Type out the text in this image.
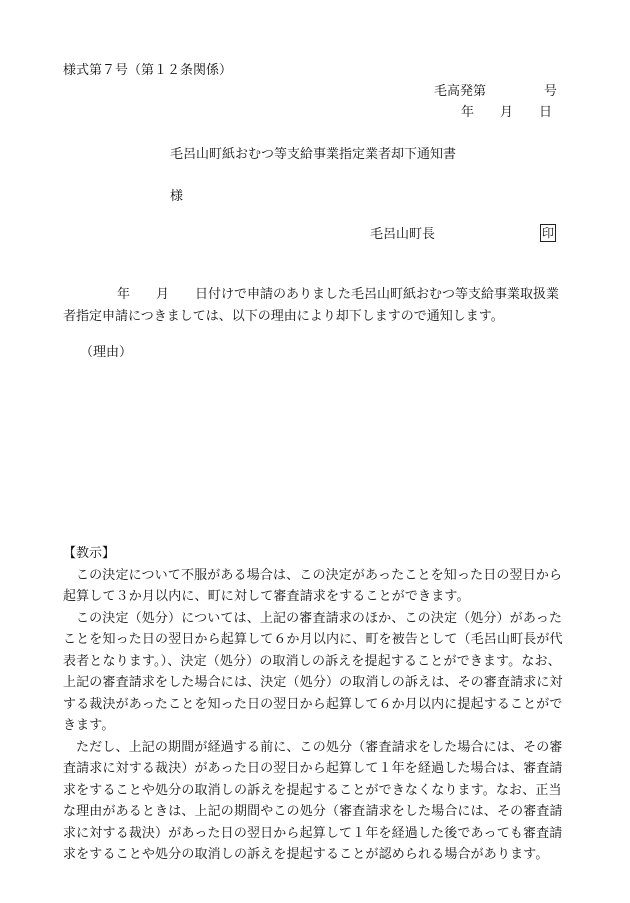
様式第７号（第１２条関係）
毛高発第	号
年 月 日
毛呂山町紙おむつ等支給事業指定業者却下通知書
様
毛呂山町長	印
年 月 日付けで申請のありました毛呂山町紙おむつ等支給事業取扱業者指定申請につきましては、以下の理由により却下しますので通知します。
（理由）
【教示】

この決定について不服がある場合は、この決定があったことを知った日の翌日から起算して３か月以内に、町に対して審査請求をすることができます。

この決定（処分）については、上記の審査請求のほか、この決定（処分）があったことを知った日の翌日から起算して６か月以内に、町を被告として（毛呂山町長が代表者となります。）、決定（処分）の取消しの訴えを提起することができます。なお、上記の審査請求をした場合には、決定（処分）の取消しの訴えは、その審査請求に対する裁決があったことを知った日の翌日から起算して６か月以内に提起することができます。

ただし、上記の期間が経過する前に、この処分（審査請求をした場合には、その審査請求に対する裁決）があった日の翌日から起算して１年を経過した場合は、審査請求をすることや処分の取消しの訴えを提起することができなくなります。なお、正当な理由があるときは、上記の期間やこの処分（審査請求をした場合には、その審査請求に対する裁決）があった日の翌日から起算して１年を経過した後であっても審査請求をすることや処分の取消しの訴えを提起することが認められる場合があります。
